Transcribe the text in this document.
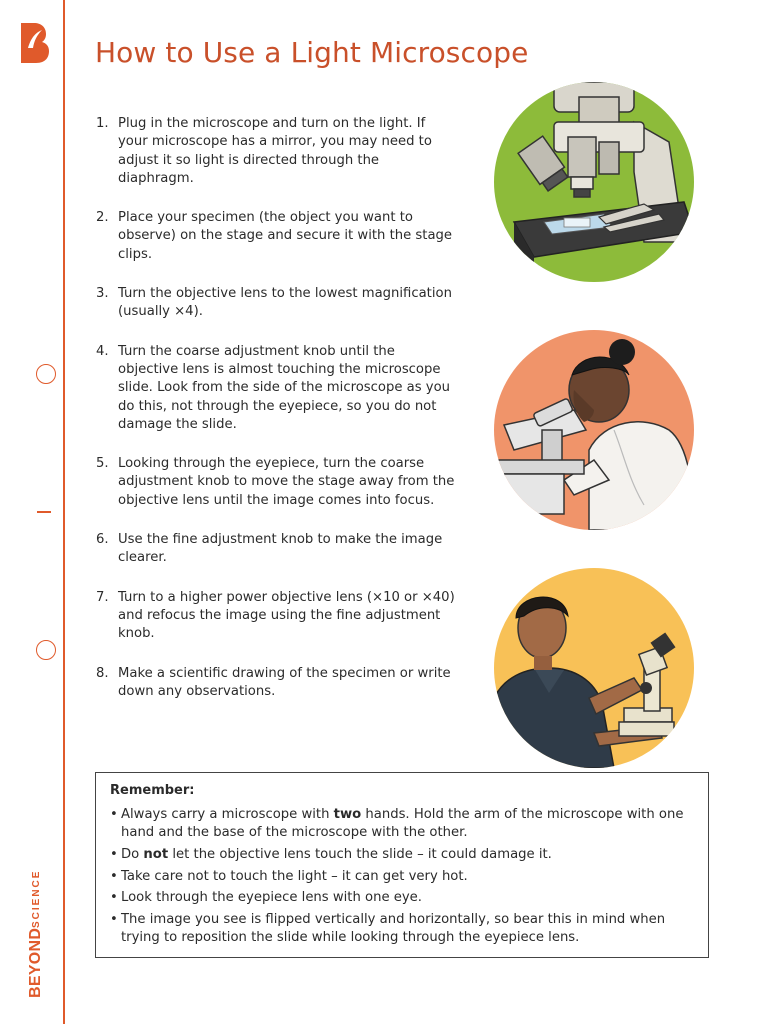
How to Use a Light Microscope
1. Plug in the microscope and turn on the light. If your microscope has a mirror, you may need to adjust it so light is directed through the diaphragm.
2. Place your specimen (the object you want to observe) on the stage and secure it with the stage clips.
3. Turn the objective lens to the lowest magnification (usually ×4).
4. Turn the coarse adjustment knob until the objective lens is almost touching the microscope slide. Look from the side of the microscope as you do this, not through the eyepiece, so you do not damage the slide.
5. Looking through the eyepiece, turn the coarse adjustment knob to move the stage away from the objective lens until the image comes into focus.
6. Use the fine adjustment knob to make the image clearer.
7. Turn to a higher power objective lens (×10 or ×40) and refocus the image using the fine adjustment knob.
8. Make a scientific drawing of the specimen or write down any observations.
Remember:
• Always carry a microscope with two hands. Hold the arm of the microscope with one hand and the base of the microscope with the other.
• Do not let the objective lens touch the slide – it could damage it.
• Take care not to touch the light – it can get very hot.
• Look through the eyepiece lens with one eye.
• The image you see is flipped vertically and horizontally, so bear this in mind when trying to reposition the slide while looking through the eyepiece lens.
BEYOND
SCIENCE
